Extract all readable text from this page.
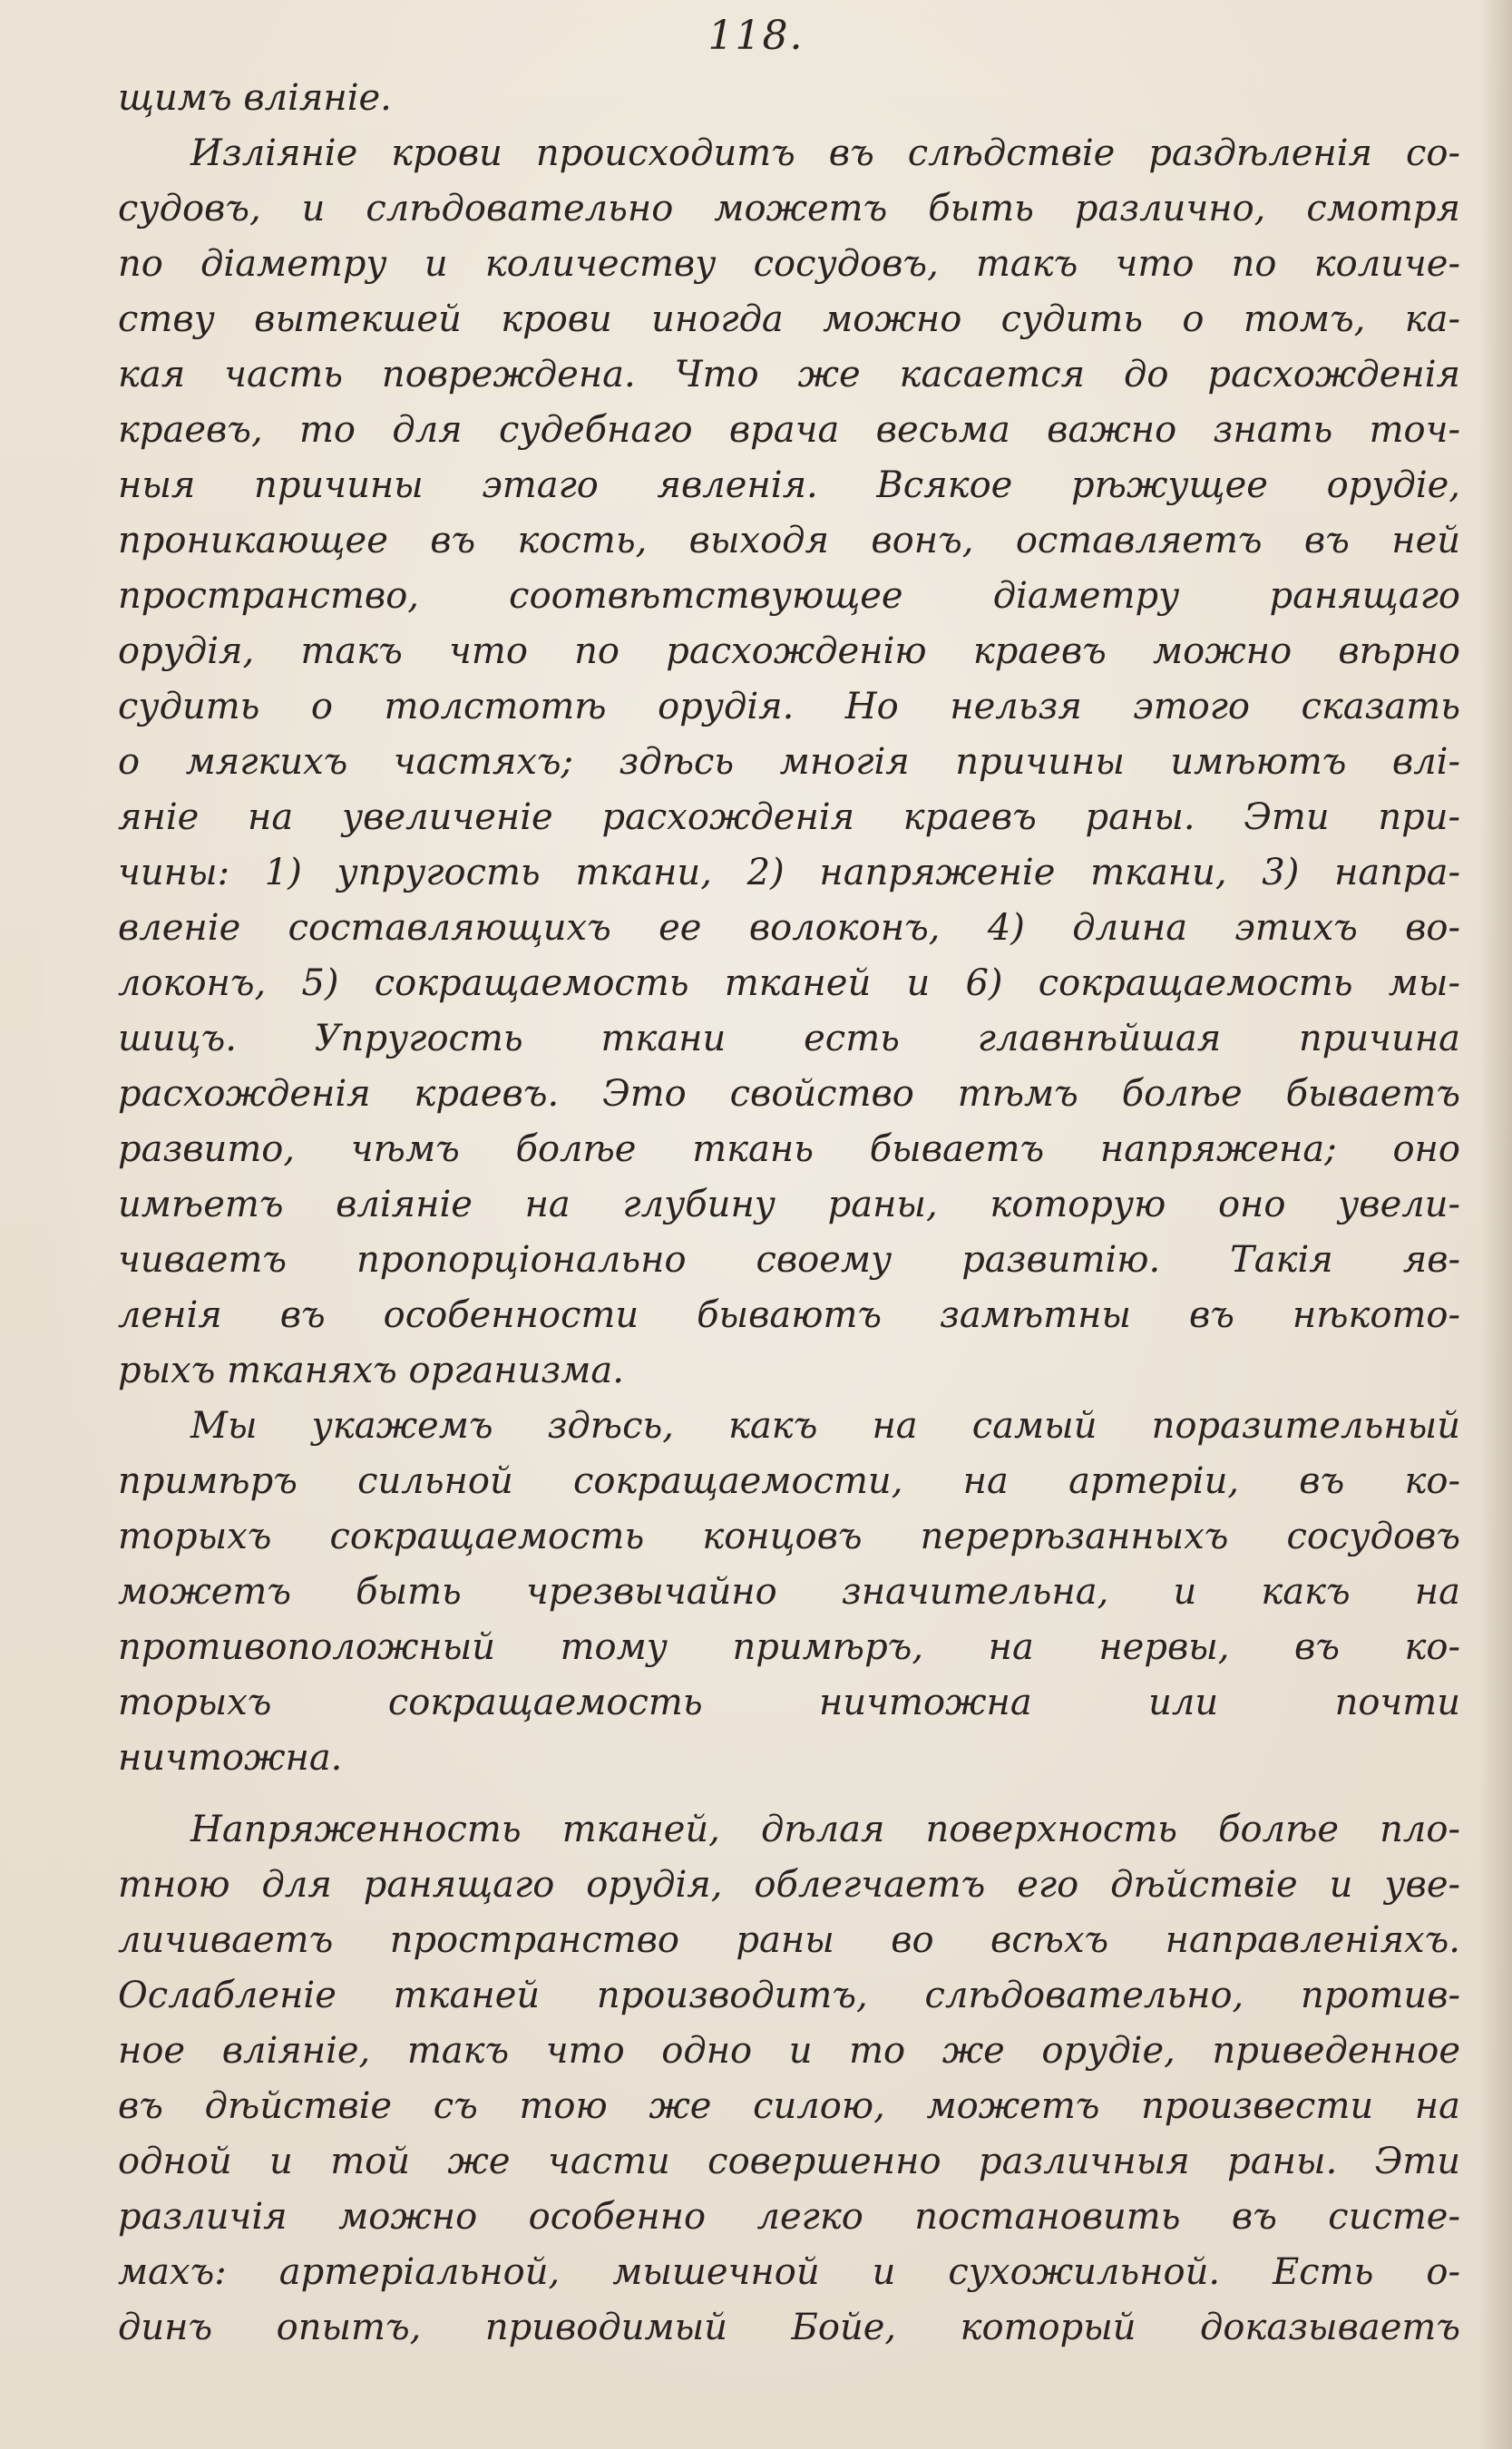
118.
щимъ вліяніе.
Изліяніе крови происходитъ въ слѣдствіе раздѣленія со-
судовъ, и слѣдовательно можетъ быть различно, смотря
по діаметру и количеству сосудовъ, такъ что по количе-
ству вытекшей крови иногда можно судить о томъ, ка-
кая часть повреждена. Что же касается до расхожденія
краевъ, то для судебнаго врача весьма важно знать точ-
ныя причины этаго явленія. Всякое рѣжущее орудіе,
проникающее въ кость, выходя вонъ, оставляетъ въ ней
пространство, соотвѣтствующее діаметру ранящаго
орудія, такъ что по расхожденію краевъ можно вѣрно
судить о толстотѣ орудія. Но нельзя этого сказать
о мягкихъ частяхъ; здѣсь многія причины имѣютъ влі-
яніе на увеличеніе расхожденія краевъ раны. Эти при-
чины: 1) упругость ткани, 2) напряженіе ткани, 3) напра-
вленіе составляющихъ ее волоконъ, 4) длина этихъ во-
локонъ, 5) сокращаемость тканей и 6) сокращаемость мы-
шицъ. Упругость ткани есть главнѣйшая причина
расхожденія краевъ. Это свойство тѣмъ болѣе бываетъ
развито, чѣмъ болѣе ткань бываетъ напряжена; оно
имѣетъ вліяніе на глубину раны, которую оно увели-
чиваетъ пропорціонально своему развитію. Такія яв-
ленія въ особенности бываютъ замѣтны въ нѣкото-
рыхъ тканяхъ организма.
Мы укажемъ здѣсь, какъ на самый поразительный
примѣръ сильной сокращаемости, на артеріи, въ ко-
торыхъ сокращаемость концовъ перерѣзанныхъ сосудовъ
можетъ быть чрезвычайно значительна, и какъ на
противоположный тому примѣръ, на нервы, въ ко-
торыхъ сокращаемость ничтожна или почти
ничтожна.
Напряженность тканей, дѣлая поверхность болѣе пло-
тною для ранящаго орудія, облегчаетъ его дѣйствіе и уве-
личиваетъ пространство раны во всѣхъ направленіяхъ.
Ослабленіе тканей производитъ, слѣдовательно, против-
ное вліяніе, такъ что одно и то же орудіе, приведенное
въ дѣйствіе съ тою же силою, можетъ произвести на
одной и той же части совершенно различныя раны. Эти
различія можно особенно легко постановить въ систе-
махъ: артеріальной, мышечной и сухожильной. Есть о-
динъ опытъ, приводимый Бойе, который доказываетъ
